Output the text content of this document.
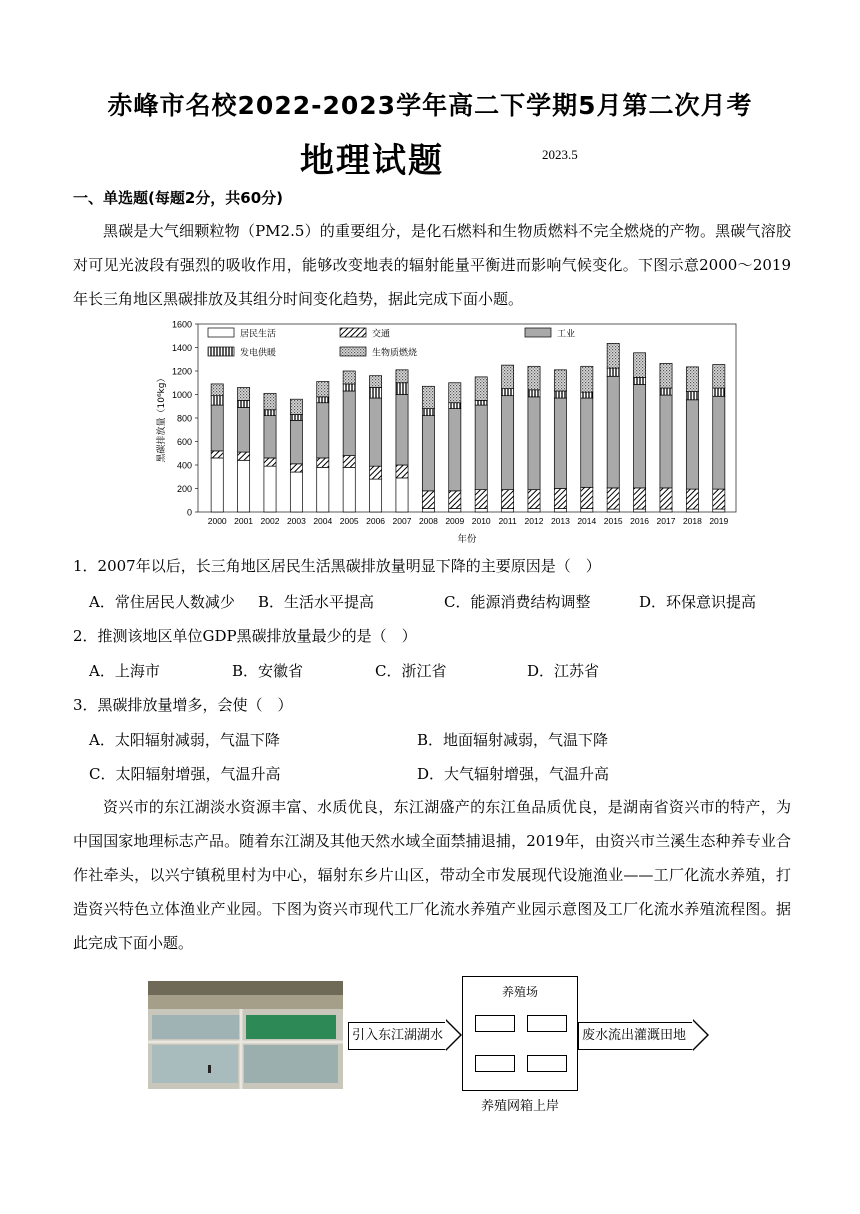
赤峰市名校2022-2023学年高二下学期5月第二次月考
地理试题	2023.5
一、单选题(每题2分，共60分)

黑碳是大气细颗粒物（PM2.5）的重要组分，是化石燃料和生物质燃料不完全燃烧的产物。黑碳气溶胶对可见光波段有强烈的吸收作用，能够改变地表的辐射能量平衡进而影响气候变化。下图示意2000～2019年长三角地区黑碳排放及其组分时间变化趋势，据此完成下面小题。

0
200
400
600
800
1000
1200
1400
1600
黑碳排放量（10⁶kg）
2000 2001 2002 2003 2004 2005 2006 2007 2008 2009 2010 2011 2012 2013 2014 2015 2016 2017 2018 2019
年份
居民生活	交通	工业
发电供暖	生物质燃烧
1．2007年以后，长三角地区居民生活黑碳排放量明显下降的主要原因是（　）
A．常住居民人数减少 B．生活水平提高	C．能源消费结构调整	D．环保意识提高
2．推测该地区单位GDP黑碳排放量最少的是（　）
A．上海市	B．安徽省	C．浙江省	D．江苏省
3．黑碳排放量增多，会使（　）
A．太阳辐射减弱，气温下降	B．地面辐射减弱，气温下降
C．太阳辐射增强，气温升高	D．大气辐射增强，气温升高

资兴市的东江湖淡水资源丰富、水质优良，东江湖盛产的东江鱼品质优良，是湖南省资兴市的特产，为中国国家地理标志产品。随着东江湖及其他天然水域全面禁捕退捕，2019年，由资兴市兰溪生态种养专业合作社牵头，以兴宁镇税里村为中心，辐射东乡片山区，带动全市发展现代设施渔业——工厂化流水养殖，打造资兴特色立体渔业产业园。下图为资兴市现代工厂化流水养殖产业园示意图及工厂化流水养殖流程图。据此完成下面小题。

引入东江湖湖水
养殖场
废水流出灌溉田地
养殖网箱上岸
